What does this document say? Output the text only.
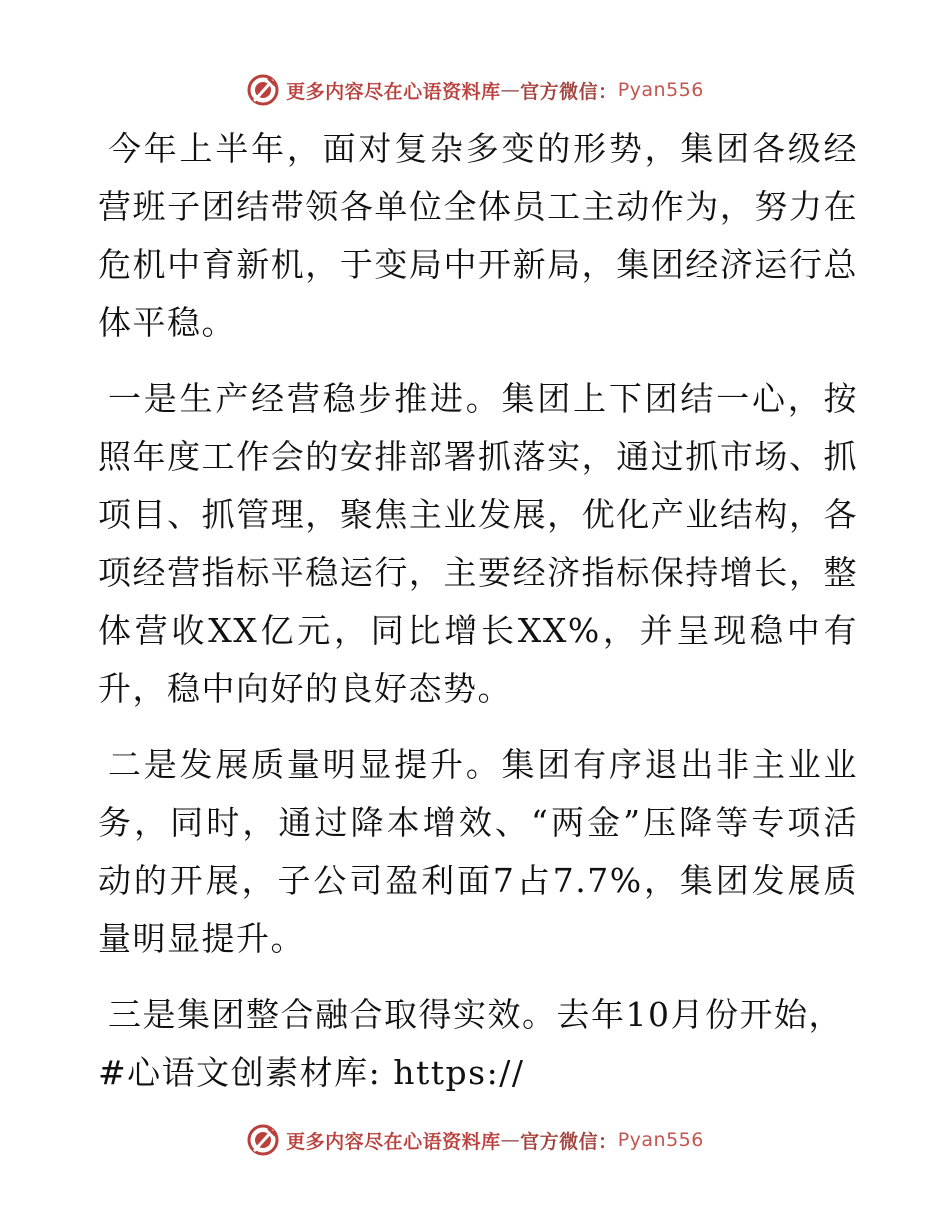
更多内容尽在心语资料库 — 官方微信： Pyan556

今年上半年，面对复杂多变的形势，集团各级经营班子团结带领各单位全体员工主动作为，努力在危机中育新机，于变局中开新局，集团经济运行总体平稳。

一是生产经营稳步推进。集团上下团结一心，按照年度工作会的安排部署抓落实，通过抓市场、抓项目、抓管理，聚焦主业发展，优化产业结构，各项经营指标平稳运行，主要经济指标保持增长，整体营收XX亿元，同比增长XX%，并呈现稳中有升，稳中向好的良好态势。

二是发展质量明显提升。集团有序退出非主业业务，同时，通过降本增效、“两金”压降等专项活动的开展，子公司盈利面7占7.7%，集团发展质量明显提升。

三是集团整合融合取得实效。去年10月份开始，

#心语文创素材库: https://

更多内容尽在心语资料库 — 官方微信： Pyan556
